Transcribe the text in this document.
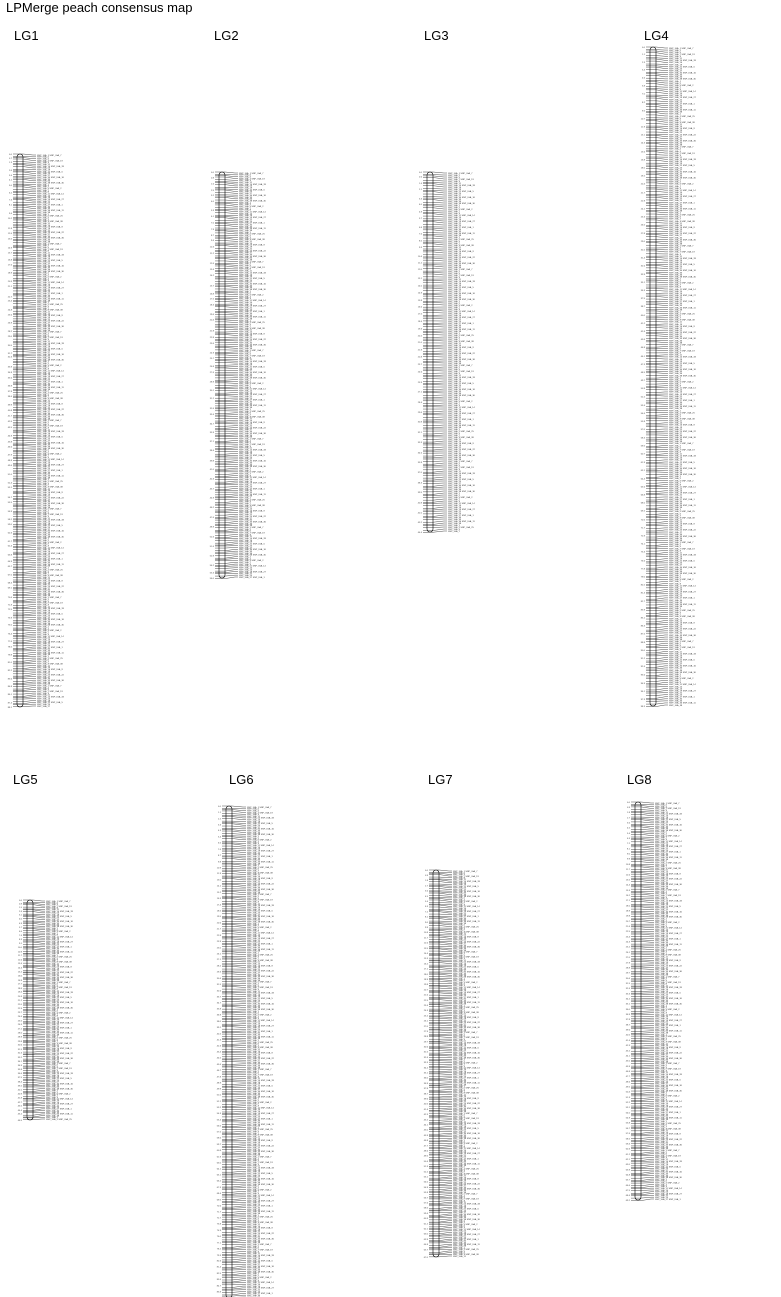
LPMerge peach consensus map
LG1
SNP_IGA_1 SNP_IGA_7
SNP_IGA_2
SNP_IGA_5
SNP_IGA_7 SNP_IGA_19
SNP_IGA_9
SNP_IGA_11
SNP_IGA_14 SNP_IGA_33
SNP_IGA_16
SNP_IGA_19
SNP_IGA_22 SNP_IGA_5
SNP_IGA_25
SNP_IGA_27
SNP_IGA_30 SNP_IGA_16
SNP_IGA_33
SNP_IGA_36
SNP_IGA_38 SNP_IGA_30
SNP_IGA_1
SNP_IGA_2
SNP_IGA_5 SNP_IGA_2
SNP_IGA_7
SNP_IGA_9
SNP_IGA_11 SNP_IGA_14
SNP_IGA_14
SNP_IGA_16
SNP_IGA_19 SNP_IGA_27
SNP_IGA_22
SNP_IGA_25
SNP_IGA_27 SNP_IGA_1
SNP_IGA_30
SNP_IGA_33
SNP_IGA_36 SNP_IGA_11
SNP_IGA_38
SNP_IGA_1
SNP_IGA_2 SNP_IGA_25
SNP_IGA_5
SNP_IGA_7
SNP_IGA_9 SNP_IGA_38
SNP_IGA_11
SNP_IGA_14
SNP_IGA_16 SNP_IGA_9
SNP_IGA_19
SNP_IGA_22
SNP_IGA_25 SNP_IGA_22
SNP_IGA_27
SNP_IGA_30
SNP_IGA_33 SNP_IGA_36
SNP_IGA_36
SNP_IGA_38
SNP_IGA_1 SNP_IGA_7
SNP_IGA_2
SNP_IGA_5
SNP_IGA_7 SNP_IGA_19
SNP_IGA_9
SNP_IGA_11
SNP_IGA_14 SNP_IGA_33
SNP_IGA_16
SNP_IGA_19
SNP_IGA_22 SNP_IGA_5
SNP_IGA_25
SNP_IGA_27
SNP_IGA_30 SNP_IGA_16
SNP_IGA_33
SNP_IGA_36
SNP_IGA_38 SNP_IGA_30
SNP_IGA_1
SNP_IGA_2
SNP_IGA_5 SNP_IGA_2
SNP_IGA_7
SNP_IGA_9
SNP_IGA_11 SNP_IGA_14
SNP_IGA_14
SNP_IGA_16
SNP_IGA_19 SNP_IGA_27
SNP_IGA_22
SNP_IGA_25
SNP_IGA_27 SNP_IGA_1
SNP_IGA_30
SNP_IGA_33
SNP_IGA_36 SNP_IGA_11
SNP_IGA_38
SNP_IGA_1
SNP_IGA_2 SNP_IGA_25
SNP_IGA_5
SNP_IGA_7
SNP_IGA_9 SNP_IGA_38
SNP_IGA_11
SNP_IGA_14
SNP_IGA_16 SNP_IGA_9
SNP_IGA_19
SNP_IGA_22
SNP_IGA_25 SNP_IGA_22
SNP_IGA_27
SNP_IGA_30
SNP_IGA_33 SNP_IGA_36
SNP_IGA_36
SNP_IGA_38
SNP_IGA_1 SNP_IGA_7
SNP_IGA_2
SNP_IGA_5
SNP_IGA_7 SNP_IGA_19
SNP_IGA_9
SNP_IGA_11
SNP_IGA_14 SNP_IGA_33
SNP_IGA_16
SNP_IGA_19
SNP_IGA_22 SNP_IGA_5
SNP_IGA_25
SNP_IGA_27
SNP_IGA_30 SNP_IGA_16
SNP_IGA_33
SNP_IGA_36
SNP_IGA_38 SNP_IGA_30
SNP_IGA_1
SNP_IGA_2
SNP_IGA_5 SNP_IGA_2
SNP_IGA_7
SNP_IGA_9
SNP_IGA_11 SNP_IGA_14
SNP_IGA_14
SNP_IGA_16
SNP_IGA_19 SNP_IGA_27
SNP_IGA_22
SNP_IGA_25
SNP_IGA_27 SNP_IGA_1
SNP_IGA_30
SNP_IGA_33
SNP_IGA_36 SNP_IGA_11
SNP_IGA_38
SNP_IGA_1
SNP_IGA_2 SNP_IGA_25
SNP_IGA_5
SNP_IGA_7
SNP_IGA_9 SNP_IGA_38
SNP_IGA_11
SNP_IGA_14
SNP_IGA_16 SNP_IGA_9
SNP_IGA_19
SNP_IGA_22
SNP_IGA_25 SNP_IGA_22
SNP_IGA_27
SNP_IGA_30
SNP_IGA_33 SNP_IGA_36
SNP_IGA_36
SNP_IGA_38
SNP_IGA_1 SNP_IGA_7
SNP_IGA_2
SNP_IGA_5
SNP_IGA_7 SNP_IGA_19
SNP_IGA_9
SNP_IGA_11
SNP_IGA_14 SNP_IGA_33
SNP_IGA_16
SNP_IGA_19
SNP_IGA_22 SNP_IGA_5
SNP_IGA_25
SNP_IGA_27
SNP_IGA_30 SNP_IGA_16
SNP_IGA_33
SNP_IGA_36
SNP_IGA_38 SNP_IGA_30
SNP_IGA_1
SNP_IGA_2
SNP_IGA_5 SNP_IGA_2
SNP_IGA_7
SNP_IGA_9
SNP_IGA_11 SNP_IGA_14
SNP_IGA_14
SNP_IGA_16
SNP_IGA_19 SNP_IGA_27
SNP_IGA_22
SNP_IGA_25
SNP_IGA_27 SNP_IGA_1
SNP_IGA_30
SNP_IGA_33
SNP_IGA_36 SNP_IGA_11
SNP_IGA_38
SNP_IGA_1
SNP_IGA_2 SNP_IGA_25
SNP_IGA_5
SNP_IGA_7
SNP_IGA_9 SNP_IGA_38
SNP_IGA_11
SNP_IGA_14
SNP_IGA_16 SNP_IGA_9
SNP_IGA_19
SNP_IGA_22
SNP_IGA_25 SNP_IGA_22
SNP_IGA_27
SNP_IGA_30
SNP_IGA_33 SNP_IGA_36
SNP_IGA_36
SNP_IGA_38
SNP_IGA_1 SNP_IGA_7
SNP_IGA_2
SNP_IGA_5
SNP_IGA_7 SNP_IGA_19
SNP_IGA_9
SNP_IGA_11
SNP_IGA_14 SNP_IGA_33
SNP_IGA_16
SNP_IGA_19
SNP_IGA_22 SNP_IGA_5
SNP_IGA_25
SNP_IGA_27
SNP_IGA_30 SNP_IGA_16
SNP_IGA_33
SNP_IGA_36
SNP_IGA_38 SNP_IGA_30
SNP_IGA_1
SNP_IGA_2
SNP_IGA_5 SNP_IGA_2
SNP_IGA_7
SNP_IGA_9
SNP_IGA_11 SNP_IGA_14
SNP_IGA_14
SNP_IGA_16
SNP_IGA_19 SNP_IGA_27
SNP_IGA_22
SNP_IGA_25
SNP_IGA_27 SNP_IGA_1
SNP_IGA_30
SNP_IGA_33
SNP_IGA_36 SNP_IGA_11
SNP_IGA_38
SNP_IGA_1
SNP_IGA_2 SNP_IGA_25
SNP_IGA_5
SNP_IGA_7
SNP_IGA_9 SNP_IGA_38
SNP_IGA_11
SNP_IGA_14
SNP_IGA_16 SNP_IGA_9
SNP_IGA_19
SNP_IGA_22
SNP_IGA_25 SNP_IGA_22
SNP_IGA_27
SNP_IGA_30
SNP_IGA_33 SNP_IGA_36
SNP_IGA_36
SNP_IGA_38
SNP_IGA_1 SNP_IGA_7
SNP_IGA_2
SNP_IGA_5
SNP_IGA_7 SNP_IGA_19
SNP_IGA_9
SNP_IGA_11
SNP_IGA_14 SNP_IGA_33
SNP_IGA_16
SNP_IGA_19
SNP_IGA_22 SNP_IGA_5
SNP_IGA_25
SNP_IGA_27
SNP_IGA_30 SNP_IGA_16
SNP_IGA_33
SNP_IGA_36
SNP_IGA_38 SNP_IGA_30
SNP_IGA_1
SNP_IGA_2
SNP_IGA_5 SNP_IGA_2
SNP_IGA_7
SNP_IGA_9
SNP_IGA_11 SNP_IGA_14
SNP_IGA_14
SNP_IGA_16
SNP_IGA_19 SNP_IGA_27
SNP_IGA_22
SNP_IGA_25
SNP_IGA_27 SNP_IGA_1
SNP_IGA_30
SNP_IGA_33
SNP_IGA_36 SNP_IGA_11
SNP_IGA_38
SNP_IGA_1
SNP_IGA_2 SNP_IGA_25
SNP_IGA_5
SNP_IGA_7
SNP_IGA_9 SNP_IGA_38
SNP_IGA_11
SNP_IGA_14
SNP_IGA_16 SNP_IGA_9
SNP_IGA_19
SNP_IGA_22
SNP_IGA_25 SNP_IGA_22
SNP_IGA_27
SNP_IGA_30
SNP_IGA_33 SNP_IGA_36
SNP_IGA_36
SNP_IGA_38
SNP_IGA_1 SNP_IGA_7
SNP_IGA_2
SNP_IGA_5
SNP_IGA_7 SNP_IGA_19
SNP_IGA_9
SNP_IGA_11
SNP_IGA_14 SNP_IGA_33
SNP_IGA_16
SNP_IGA_19
SNP_IGA_22 SNP_IGA_5
SNP_IGA_25
SNP_IGA_27
0.0
0.7
1.3
2.6
3.4
4.1
5.0
6.2
7.3
8.1
9.4
10.2
11.8
12.6
13.5
14.9
15.7
16.8
17.6
18.9
20.3
21.1
22.7
23.4
24.8
25.6
26.9
28.2
29.0
30.5
31.7
32.3
33.9
34.8
35.6
36.9
37.8
38.6
39.9
40.8
41.7
42.6
43.5
44.9
45.8
46.6
47.9
48.8
49.6
51.0
52.4
53.1
54.7
55.5
56.9
58.2
59.0
60.3
61.7
62.4
63.8
64.9
65.7
67.0
68.3
69.1
70.6
71.8
72.5
73.9
75.0
76.4
77.6
78.5
79.8
81.0
82.2
83.6
84.8
86.1
87.4
88.1
LG2
SNP_IGA_1 SNP_IGA_7
SNP_IGA_2
SNP_IGA_5
SNP_IGA_7 SNP_IGA_19
SNP_IGA_9
SNP_IGA_11
SNP_IGA_14 SNP_IGA_33
SNP_IGA_16
SNP_IGA_19
SNP_IGA_22 SNP_IGA_5
SNP_IGA_25
SNP_IGA_27
SNP_IGA_30 SNP_IGA_16
SNP_IGA_33
SNP_IGA_36
SNP_IGA_38 SNP_IGA_30
SNP_IGA_1
SNP_IGA_2
SNP_IGA_5 SNP_IGA_2
SNP_IGA_7
SNP_IGA_9
SNP_IGA_11 SNP_IGA_14
SNP_IGA_14
SNP_IGA_16
SNP_IGA_19 SNP_IGA_27
SNP_IGA_22
SNP_IGA_25
SNP_IGA_27 SNP_IGA_1
SNP_IGA_30
SNP_IGA_33
SNP_IGA_36 SNP_IGA_11
SNP_IGA_38
SNP_IGA_1
SNP_IGA_2 SNP_IGA_25
SNP_IGA_5
SNP_IGA_7
SNP_IGA_9 SNP_IGA_38
SNP_IGA_11
SNP_IGA_14
SNP_IGA_16 SNP_IGA_9
SNP_IGA_19
SNP_IGA_22
SNP_IGA_25 SNP_IGA_22
SNP_IGA_27
SNP_IGA_30
SNP_IGA_33 SNP_IGA_36
SNP_IGA_36
SNP_IGA_38
SNP_IGA_1 SNP_IGA_7
SNP_IGA_2
SNP_IGA_5
SNP_IGA_7 SNP_IGA_19
SNP_IGA_9
SNP_IGA_11
SNP_IGA_14 SNP_IGA_33
SNP_IGA_16
SNP_IGA_19
SNP_IGA_22 SNP_IGA_5
SNP_IGA_25
SNP_IGA_27
SNP_IGA_30 SNP_IGA_16
SNP_IGA_33
SNP_IGA_36
SNP_IGA_38 SNP_IGA_30
SNP_IGA_1
SNP_IGA_2
SNP_IGA_5 SNP_IGA_2
SNP_IGA_7
SNP_IGA_9
SNP_IGA_11 SNP_IGA_14
SNP_IGA_14
SNP_IGA_16
SNP_IGA_19 SNP_IGA_27
SNP_IGA_22
SNP_IGA_25
SNP_IGA_27 SNP_IGA_1
SNP_IGA_30
SNP_IGA_33
SNP_IGA_36 SNP_IGA_11
SNP_IGA_38
SNP_IGA_1
SNP_IGA_2 SNP_IGA_25
SNP_IGA_5
SNP_IGA_7
SNP_IGA_9 SNP_IGA_38
SNP_IGA_11
SNP_IGA_14
SNP_IGA_16 SNP_IGA_9
SNP_IGA_19
SNP_IGA_22
SNP_IGA_25 SNP_IGA_22
SNP_IGA_27
SNP_IGA_30
SNP_IGA_33 SNP_IGA_36
SNP_IGA_36
SNP_IGA_38
SNP_IGA_1 SNP_IGA_7
SNP_IGA_2
SNP_IGA_5
SNP_IGA_7 SNP_IGA_19
SNP_IGA_9
SNP_IGA_11
SNP_IGA_14 SNP_IGA_33
SNP_IGA_16
SNP_IGA_19
SNP_IGA_22 SNP_IGA_5
SNP_IGA_25
SNP_IGA_27
SNP_IGA_30 SNP_IGA_16
SNP_IGA_33
SNP_IGA_36
SNP_IGA_38 SNP_IGA_30
SNP_IGA_1
SNP_IGA_2
SNP_IGA_5 SNP_IGA_2
SNP_IGA_7
SNP_IGA_9
SNP_IGA_11 SNP_IGA_14
SNP_IGA_14
SNP_IGA_16
SNP_IGA_19 SNP_IGA_27
SNP_IGA_22
SNP_IGA_25
SNP_IGA_27 SNP_IGA_1
SNP_IGA_30
SNP_IGA_33
SNP_IGA_36 SNP_IGA_11
SNP_IGA_38
SNP_IGA_1
SNP_IGA_2 SNP_IGA_25
SNP_IGA_5
SNP_IGA_7
SNP_IGA_9 SNP_IGA_38
SNP_IGA_11
SNP_IGA_14
SNP_IGA_16 SNP_IGA_9
SNP_IGA_19
SNP_IGA_22
SNP_IGA_25 SNP_IGA_22
SNP_IGA_27
SNP_IGA_30
SNP_IGA_33 SNP_IGA_36
SNP_IGA_36
SNP_IGA_38
SNP_IGA_1 SNP_IGA_7
SNP_IGA_2
SNP_IGA_5
SNP_IGA_7 SNP_IGA_19
SNP_IGA_9
SNP_IGA_11
SNP_IGA_14 SNP_IGA_33
SNP_IGA_16
SNP_IGA_19
SNP_IGA_22 SNP_IGA_5
SNP_IGA_25
SNP_IGA_27
SNP_IGA_30 SNP_IGA_16
SNP_IGA_33
SNP_IGA_36
SNP_IGA_38 SNP_IGA_30
SNP_IGA_1
SNP_IGA_2
SNP_IGA_5 SNP_IGA_2
SNP_IGA_7
SNP_IGA_9
SNP_IGA_11 SNP_IGA_14
SNP_IGA_14
SNP_IGA_16
SNP_IGA_19 SNP_IGA_27
SNP_IGA_22
SNP_IGA_25
SNP_IGA_27 SNP_IGA_1
SNP_IGA_30
SNP_IGA_33
SNP_IGA_36 SNP_IGA_11
SNP_IGA_38
SNP_IGA_1
SNP_IGA_2 SNP_IGA_25
SNP_IGA_5
SNP_IGA_7
SNP_IGA_9 SNP_IGA_38
SNP_IGA_11
SNP_IGA_14
SNP_IGA_16 SNP_IGA_9
SNP_IGA_19
SNP_IGA_22
SNP_IGA_25 SNP_IGA_22
SNP_IGA_27
SNP_IGA_30
SNP_IGA_33 SNP_IGA_36
SNP_IGA_36
SNP_IGA_38
SNP_IGA_1 SNP_IGA_7
SNP_IGA_2
SNP_IGA_5
SNP_IGA_7 SNP_IGA_19
SNP_IGA_9
SNP_IGA_11
SNP_IGA_14 SNP_IGA_33
SNP_IGA_16
SNP_IGA_19
SNP_IGA_22 SNP_IGA_5
SNP_IGA_25
SNP_IGA_27
SNP_IGA_30 SNP_IGA_16
SNP_IGA_33
SNP_IGA_36
SNP_IGA_38 SNP_IGA_30
SNP_IGA_1
SNP_IGA_2
SNP_IGA_5 SNP_IGA_2
SNP_IGA_7
SNP_IGA_9
SNP_IGA_11 SNP_IGA_14
SNP_IGA_14
SNP_IGA_16
SNP_IGA_19 SNP_IGA_27
SNP_IGA_22
SNP_IGA_25
SNP_IGA_27 SNP_IGA_1
0.0
0.8
1.6
2.5
3.2
4.0
5.3
6.1
7.0
7.9
8.7
9.4
10.3
11.2
12.6
13.4
14.2
15.7
16.8
17.5
18.3
19.6
20.4
21.9
22.8
23.6
24.9
25.7
26.8
27.6
28.9
30.1
31.2
32.6
33.4
34.7
35.9
37.1
38.4
39.8
41.0
42.3
43.7
44.9
46.2
47.6
48.9
50.3
51.6
52.9
54.2
55.3
56.0
LG3
SNP_IGA_1 SNP_IGA_7
SNP_IGA_2
SNP_IGA_5
SNP_IGA_7 SNP_IGA_19
SNP_IGA_9
SNP_IGA_11
SNP_IGA_14 SNP_IGA_33
SNP_IGA_16
SNP_IGA_19
SNP_IGA_22 SNP_IGA_5
SNP_IGA_25
SNP_IGA_27
SNP_IGA_30 SNP_IGA_16
SNP_IGA_33
SNP_IGA_36
SNP_IGA_38 SNP_IGA_30
SNP_IGA_1
SNP_IGA_2
SNP_IGA_5 SNP_IGA_2
SNP_IGA_7
SNP_IGA_9
SNP_IGA_11 SNP_IGA_14
SNP_IGA_14
SNP_IGA_16
SNP_IGA_19 SNP_IGA_27
SNP_IGA_22
SNP_IGA_25
SNP_IGA_27 SNP_IGA_1
SNP_IGA_30
SNP_IGA_33
SNP_IGA_36 SNP_IGA_11
SNP_IGA_38
SNP_IGA_1
SNP_IGA_2 SNP_IGA_25
SNP_IGA_5
SNP_IGA_7
SNP_IGA_9 SNP_IGA_38
SNP_IGA_11
SNP_IGA_14
SNP_IGA_16 SNP_IGA_9
SNP_IGA_19
SNP_IGA_22
SNP_IGA_25 SNP_IGA_22
SNP_IGA_27
SNP_IGA_30
SNP_IGA_33 SNP_IGA_36
SNP_IGA_36
SNP_IGA_38
SNP_IGA_1 SNP_IGA_7
SNP_IGA_2
SNP_IGA_5
SNP_IGA_7 SNP_IGA_19
SNP_IGA_9
SNP_IGA_11
SNP_IGA_14 SNP_IGA_33
SNP_IGA_16
SNP_IGA_19
SNP_IGA_22 SNP_IGA_5
SNP_IGA_25
SNP_IGA_27
SNP_IGA_30 SNP_IGA_16
SNP_IGA_33
SNP_IGA_36
SNP_IGA_38 SNP_IGA_30
SNP_IGA_1
SNP_IGA_2
SNP_IGA_5 SNP_IGA_2
SNP_IGA_7
SNP_IGA_9
SNP_IGA_11 SNP_IGA_14
SNP_IGA_14
SNP_IGA_16
SNP_IGA_19 SNP_IGA_27
SNP_IGA_22
SNP_IGA_25
SNP_IGA_27 SNP_IGA_1
SNP_IGA_30
SNP_IGA_33
SNP_IGA_36 SNP_IGA_11
SNP_IGA_38
SNP_IGA_1
SNP_IGA_2 SNP_IGA_25
SNP_IGA_5
SNP_IGA_7
SNP_IGA_9 SNP_IGA_38
SNP_IGA_11
SNP_IGA_14
SNP_IGA_16 SNP_IGA_9
SNP_IGA_19
SNP_IGA_22
SNP_IGA_25 SNP_IGA_22
SNP_IGA_27
SNP_IGA_30
SNP_IGA_33 SNP_IGA_36
SNP_IGA_36
SNP_IGA_38
SNP_IGA_1 SNP_IGA_7
SNP_IGA_2
SNP_IGA_5
SNP_IGA_7 SNP_IGA_19
SNP_IGA_9
SNP_IGA_11
SNP_IGA_14 SNP_IGA_33
SNP_IGA_16
SNP_IGA_19
SNP_IGA_22 SNP_IGA_5
SNP_IGA_25
SNP_IGA_27
SNP_IGA_30 SNP_IGA_16
SNP_IGA_33
SNP_IGA_36
SNP_IGA_38 SNP_IGA_30
SNP_IGA_1
SNP_IGA_2
SNP_IGA_5 SNP_IGA_2
SNP_IGA_7
SNP_IGA_9
SNP_IGA_11 SNP_IGA_14
SNP_IGA_14
SNP_IGA_16
SNP_IGA_19 SNP_IGA_27
SNP_IGA_22
SNP_IGA_25
SNP_IGA_27 SNP_IGA_1
SNP_IGA_30
SNP_IGA_33
SNP_IGA_36 SNP_IGA_11
SNP_IGA_38
SNP_IGA_1
SNP_IGA_2 SNP_IGA_25
SNP_IGA_5
SNP_IGA_7
SNP_IGA_9 SNP_IGA_38
SNP_IGA_11
SNP_IGA_14
SNP_IGA_16 SNP_IGA_9
SNP_IGA_19
SNP_IGA_22
SNP_IGA_25 SNP_IGA_22
SNP_IGA_27
SNP_IGA_30
SNP_IGA_33 SNP_IGA_36
SNP_IGA_36
SNP_IGA_38
SNP_IGA_1 SNP_IGA_7
SNP_IGA_2
SNP_IGA_5
SNP_IGA_7 SNP_IGA_19
SNP_IGA_9
SNP_IGA_11
SNP_IGA_14 SNP_IGA_33
SNP_IGA_16
SNP_IGA_19
SNP_IGA_22 SNP_IGA_5
SNP_IGA_25
SNP_IGA_27
SNP_IGA_30 SNP_IGA_16
SNP_IGA_33
SNP_IGA_36
SNP_IGA_38 SNP_IGA_30
SNP_IGA_1
SNP_IGA_2
SNP_IGA_5 SNP_IGA_2
SNP_IGA_7
SNP_IGA_9
SNP_IGA_11 SNP_IGA_14
SNP_IGA_14
SNP_IGA_16
SNP_IGA_19 SNP_IGA_27
SNP_IGA_22
SNP_IGA_25
SNP_IGA_27 SNP_IGA_1
SNP_IGA_30
SNP_IGA_33
SNP_IGA_36 SNP_IGA_11
SNP_IGA_38
SNP_IGA_1
SNP_IGA_2 SNP_IGA_25
SNP_IGA_5
SNP_IGA_7
0.0
0.6
1.4
2.1
3.3
4.0
4.9
5.7
6.8
7.6
8.5
9.3
10.4
11.2
12.0
13.1
14.0
14.9
15.8
16.6
17.5
18.4
19.3
20.2
21.0
21.9
22.8
23.7
24.6
25.9
27.1
28.4
29.6
30.8
32.1
33.3
34.6
35.8
37.0
38.3
39.5
40.8
42.0
43.2
44.4
LG4
SNP_IGA_1 SNP_IGA_7
SNP_IGA_2
SNP_IGA_5
SNP_IGA_7 SNP_IGA_19
SNP_IGA_9
SNP_IGA_11
SNP_IGA_14 SNP_IGA_33
SNP_IGA_16
SNP_IGA_19
SNP_IGA_22 SNP_IGA_5
SNP_IGA_25
SNP_IGA_27
SNP_IGA_30 SNP_IGA_16
SNP_IGA_33
SNP_IGA_36
SNP_IGA_38 SNP_IGA_30
SNP_IGA_1
SNP_IGA_2
SNP_IGA_5 SNP_IGA_2
SNP_IGA_7
SNP_IGA_9
SNP_IGA_11 SNP_IGA_14
SNP_IGA_14
SNP_IGA_16
SNP_IGA_19 SNP_IGA_27
SNP_IGA_22
SNP_IGA_25
SNP_IGA_27 SNP_IGA_1
SNP_IGA_30
SNP_IGA_33
SNP_IGA_36 SNP_IGA_11
SNP_IGA_38
SNP_IGA_1
SNP_IGA_2 SNP_IGA_25
SNP_IGA_5
SNP_IGA_7
SNP_IGA_9 SNP_IGA_38
SNP_IGA_11
SNP_IGA_14
SNP_IGA_16 SNP_IGA_9
SNP_IGA_19
SNP_IGA_22
SNP_IGA_25 SNP_IGA_22
SNP_IGA_27
SNP_IGA_30
SNP_IGA_33 SNP_IGA_36
SNP_IGA_36
SNP_IGA_38
SNP_IGA_1 SNP_IGA_7
SNP_IGA_2
SNP_IGA_5
SNP_IGA_7 SNP_IGA_19
SNP_IGA_9
SNP_IGA_11
SNP_IGA_14 SNP_IGA_33
SNP_IGA_16
SNP_IGA_19
SNP_IGA_22 SNP_IGA_5
SNP_IGA_25
SNP_IGA_27
SNP_IGA_30 SNP_IGA_16
SNP_IGA_33
SNP_IGA_36
SNP_IGA_38 SNP_IGA_30
SNP_IGA_1
SNP_IGA_2
SNP_IGA_5 SNP_IGA_2
SNP_IGA_7
SNP_IGA_9
SNP_IGA_11 SNP_IGA_14
SNP_IGA_14
SNP_IGA_16
SNP_IGA_19 SNP_IGA_27
SNP_IGA_22
SNP_IGA_25
SNP_IGA_27 SNP_IGA_1
SNP_IGA_30
SNP_IGA_33
SNP_IGA_36 SNP_IGA_11
SNP_IGA_38
SNP_IGA_1
SNP_IGA_2 SNP_IGA_25
SNP_IGA_5
SNP_IGA_7
SNP_IGA_9 SNP_IGA_38
SNP_IGA_11
SNP_IGA_14
SNP_IGA_16 SNP_IGA_9
SNP_IGA_19
SNP_IGA_22
SNP_IGA_25 SNP_IGA_22
SNP_IGA_27
SNP_IGA_30
SNP_IGA_33 SNP_IGA_36
SNP_IGA_36
SNP_IGA_38
SNP_IGA_1 SNP_IGA_7
SNP_IGA_2
SNP_IGA_5
SNP_IGA_7 SNP_IGA_19
SNP_IGA_9
SNP_IGA_11
SNP_IGA_14 SNP_IGA_33
SNP_IGA_16
SNP_IGA_19
SNP_IGA_22 SNP_IGA_5
SNP_IGA_25
SNP_IGA_27
SNP_IGA_30 SNP_IGA_16
SNP_IGA_33
SNP_IGA_36
SNP_IGA_38 SNP_IGA_30
SNP_IGA_1
SNP_IGA_2
SNP_IGA_5 SNP_IGA_2
SNP_IGA_7
SNP_IGA_9
SNP_IGA_11 SNP_IGA_14
SNP_IGA_14
SNP_IGA_16
SNP_IGA_19 SNP_IGA_27
SNP_IGA_22
SNP_IGA_25
SNP_IGA_27 SNP_IGA_1
SNP_IGA_30
SNP_IGA_33
SNP_IGA_36 SNP_IGA_11
SNP_IGA_38
SNP_IGA_1
SNP_IGA_2 SNP_IGA_25
SNP_IGA_5
SNP_IGA_7
SNP_IGA_9 SNP_IGA_38
SNP_IGA_11
SNP_IGA_14
SNP_IGA_16 SNP_IGA_9
SNP_IGA_19
SNP_IGA_22
SNP_IGA_25 SNP_IGA_22
SNP_IGA_27
SNP_IGA_30
SNP_IGA_33 SNP_IGA_36
SNP_IGA_36
SNP_IGA_38
SNP_IGA_1 SNP_IGA_7
SNP_IGA_2
SNP_IGA_5
SNP_IGA_7 SNP_IGA_19
SNP_IGA_9
SNP_IGA_11
SNP_IGA_14 SNP_IGA_33
SNP_IGA_16
SNP_IGA_19
SNP_IGA_22 SNP_IGA_5
SNP_IGA_25
SNP_IGA_27
SNP_IGA_30 SNP_IGA_16
SNP_IGA_33
SNP_IGA_36
SNP_IGA_38 SNP_IGA_30
SNP_IGA_1
SNP_IGA_2
SNP_IGA_5 SNP_IGA_2
SNP_IGA_7
SNP_IGA_9
SNP_IGA_11 SNP_IGA_14
SNP_IGA_14
SNP_IGA_16
SNP_IGA_19 SNP_IGA_27
SNP_IGA_22
SNP_IGA_25
SNP_IGA_27 SNP_IGA_1
SNP_IGA_30
SNP_IGA_33
SNP_IGA_36 SNP_IGA_11
SNP_IGA_38
SNP_IGA_1
SNP_IGA_2 SNP_IGA_25
SNP_IGA_5
SNP_IGA_7
SNP_IGA_9 SNP_IGA_38
SNP_IGA_11
SNP_IGA_14
SNP_IGA_16 SNP_IGA_9
SNP_IGA_19
SNP_IGA_22
SNP_IGA_25 SNP_IGA_22
SNP_IGA_27
SNP_IGA_30
SNP_IGA_33 SNP_IGA_36
SNP_IGA_36
SNP_IGA_38
SNP_IGA_1 SNP_IGA_7
SNP_IGA_2
SNP_IGA_5
SNP_IGA_7 SNP_IGA_19
SNP_IGA_9
SNP_IGA_11
SNP_IGA_14 SNP_IGA_33
SNP_IGA_16
SNP_IGA_19
SNP_IGA_22 SNP_IGA_5
SNP_IGA_25
SNP_IGA_27
SNP_IGA_30 SNP_IGA_16
SNP_IGA_33
SNP_IGA_36
SNP_IGA_38 SNP_IGA_30
SNP_IGA_1
SNP_IGA_2
SNP_IGA_5 SNP_IGA_2
SNP_IGA_7
SNP_IGA_9
SNP_IGA_11 SNP_IGA_14
SNP_IGA_14
SNP_IGA_16
SNP_IGA_19 SNP_IGA_27
SNP_IGA_22
SNP_IGA_25
SNP_IGA_27 SNP_IGA_1
SNP_IGA_30
SNP_IGA_33
SNP_IGA_36 SNP_IGA_11
SNP_IGA_38
SNP_IGA_1
SNP_IGA_2 SNP_IGA_25
SNP_IGA_5
SNP_IGA_7
SNP_IGA_9 SNP_IGA_38
SNP_IGA_11
SNP_IGA_14
SNP_IGA_16 SNP_IGA_9
SNP_IGA_19
SNP_IGA_22
SNP_IGA_25 SNP_IGA_22
SNP_IGA_27
SNP_IGA_30
SNP_IGA_33 SNP_IGA_36
SNP_IGA_36
SNP_IGA_38
SNP_IGA_1 SNP_IGA_7
SNP_IGA_2
SNP_IGA_5
SNP_IGA_7 SNP_IGA_19
SNP_IGA_9
SNP_IGA_11
SNP_IGA_14 SNP_IGA_33
SNP_IGA_16
SNP_IGA_19
SNP_IGA_22 SNP_IGA_5
SNP_IGA_25
SNP_IGA_27
SNP_IGA_30 SNP_IGA_16
SNP_IGA_33
SNP_IGA_36
SNP_IGA_38 SNP_IGA_30
SNP_IGA_1
SNP_IGA_2
SNP_IGA_5 SNP_IGA_2
SNP_IGA_7
SNP_IGA_9
SNP_IGA_11 SNP_IGA_14
SNP_IGA_14
SNP_IGA_16
SNP_IGA_19 SNP_IGA_27
SNP_IGA_22
SNP_IGA_25
SNP_IGA_27 SNP_IGA_1
SNP_IGA_30
SNP_IGA_33
SNP_IGA_36 SNP_IGA_11
SNP_IGA_38
SNP_IGA_1
SNP_IGA_2 SNP_IGA_25
SNP_IGA_5
SNP_IGA_7
SNP_IGA_9 SNP_IGA_38
SNP_IGA_11
SNP_IGA_14
SNP_IGA_16 SNP_IGA_9
SNP_IGA_19
SNP_IGA_22
SNP_IGA_25 SNP_IGA_22
SNP_IGA_27
SNP_IGA_30
SNP_IGA_33 SNP_IGA_36
SNP_IGA_36
SNP_IGA_38
SNP_IGA_1 SNP_IGA_7
SNP_IGA_2
SNP_IGA_5
SNP_IGA_7 SNP_IGA_19
SNP_IGA_9
SNP_IGA_11
SNP_IGA_14 SNP_IGA_33
SNP_IGA_16
SNP_IGA_19
SNP_IGA_22 SNP_IGA_5
SNP_IGA_25
SNP_IGA_27
SNP_IGA_30 SNP_IGA_16
SNP_IGA_33
SNP_IGA_36
SNP_IGA_38 SNP_IGA_30
SNP_IGA_1
SNP_IGA_2
SNP_IGA_5 SNP_IGA_2
SNP_IGA_7
SNP_IGA_9
SNP_IGA_11 SNP_IGA_14
SNP_IGA_14
SNP_IGA_16
SNP_IGA_19 SNP_IGA_27
SNP_IGA_22
SNP_IGA_25
SNP_IGA_27 SNP_IGA_1
SNP_IGA_30
SNP_IGA_33
SNP_IGA_36 SNP_IGA_11
SNP_IGA_38
0.0
1.1
2.3
3.4
4.6
5.8
7.0
8.2
9.5
10.7
11.9
13.1
14.3
15.6
16.8
18.0
19.2
20.4
21.7
22.9
24.1
25.3
26.5
27.8
29.0
30.2
31.4
32.6
33.9
35.1
36.3
37.5
38.7
40.0
41.2
42.4
43.6
44.8
46.1
47.3
48.5
49.7
50.9
52.2
53.4
54.6
55.8
57.0
58.3
59.5
60.7
61.9
63.1
64.4
65.6
66.8
68.0
69.2
70.5
71.7
72.9
74.1
75.3
76.6
77.8
79.0
80.2
81.4
82.7
83.9
85.1
86.3
87.5
88.8
90.0
91.2
92.4
93.6
94.9
96.1
97.3
98.3
LG5
SNP_IGA_1 SNP_IGA_7
SNP_IGA_2
SNP_IGA_5
SNP_IGA_7 SNP_IGA_19
SNP_IGA_9
SNP_IGA_11
SNP_IGA_14 SNP_IGA_33
SNP_IGA_16
SNP_IGA_19
SNP_IGA_22 SNP_IGA_5
SNP_IGA_25
SNP_IGA_27
SNP_IGA_30 SNP_IGA_16
SNP_IGA_33
SNP_IGA_36
SNP_IGA_38 SNP_IGA_30
SNP_IGA_1
SNP_IGA_2
SNP_IGA_5 SNP_IGA_2
SNP_IGA_7
SNP_IGA_9
SNP_IGA_11 SNP_IGA_14
SNP_IGA_14
SNP_IGA_16
SNP_IGA_19 SNP_IGA_27
SNP_IGA_22
SNP_IGA_25
SNP_IGA_27 SNP_IGA_1
SNP_IGA_30
SNP_IGA_33
SNP_IGA_36 SNP_IGA_11
SNP_IGA_38
SNP_IGA_1
SNP_IGA_2 SNP_IGA_25
SNP_IGA_5
SNP_IGA_7
SNP_IGA_9 SNP_IGA_38
SNP_IGA_11
SNP_IGA_14
SNP_IGA_16 SNP_IGA_9
SNP_IGA_19
SNP_IGA_22
SNP_IGA_25 SNP_IGA_22
SNP_IGA_27
SNP_IGA_30
SNP_IGA_33 SNP_IGA_36
SNP_IGA_36
SNP_IGA_38
SNP_IGA_1 SNP_IGA_7
SNP_IGA_2
SNP_IGA_5
SNP_IGA_7 SNP_IGA_19
SNP_IGA_9
SNP_IGA_11
SNP_IGA_14 SNP_IGA_33
SNP_IGA_16
SNP_IGA_19
SNP_IGA_22 SNP_IGA_5
SNP_IGA_25
SNP_IGA_27
SNP_IGA_30 SNP_IGA_16
SNP_IGA_33
SNP_IGA_36
SNP_IGA_38 SNP_IGA_30
SNP_IGA_1
SNP_IGA_2
SNP_IGA_5 SNP_IGA_2
SNP_IGA_7
SNP_IGA_9
SNP_IGA_11 SNP_IGA_14
SNP_IGA_14
SNP_IGA_16
SNP_IGA_19 SNP_IGA_27
SNP_IGA_22
SNP_IGA_25
SNP_IGA_27 SNP_IGA_1
SNP_IGA_30
SNP_IGA_33
SNP_IGA_36 SNP_IGA_11
SNP_IGA_38
SNP_IGA_1
SNP_IGA_2 SNP_IGA_25
SNP_IGA_5
SNP_IGA_7
SNP_IGA_9 SNP_IGA_38
SNP_IGA_11
SNP_IGA_14
SNP_IGA_16 SNP_IGA_9
SNP_IGA_19
SNP_IGA_22
SNP_IGA_25 SNP_IGA_22
SNP_IGA_27
SNP_IGA_30
SNP_IGA_33 SNP_IGA_36
SNP_IGA_36
SNP_IGA_38
SNP_IGA_1 SNP_IGA_7
SNP_IGA_2
SNP_IGA_5
SNP_IGA_7 SNP_IGA_19
SNP_IGA_9
SNP_IGA_11
SNP_IGA_14 SNP_IGA_33
SNP_IGA_16
SNP_IGA_19
SNP_IGA_22 SNP_IGA_5
SNP_IGA_25
SNP_IGA_27
SNP_IGA_30 SNP_IGA_16
SNP_IGA_33
SNP_IGA_36
SNP_IGA_38 SNP_IGA_30
SNP_IGA_1
SNP_IGA_2
SNP_IGA_5 SNP_IGA_2
SNP_IGA_7
SNP_IGA_9
SNP_IGA_11 SNP_IGA_14
SNP_IGA_14
SNP_IGA_16
SNP_IGA_19 SNP_IGA_27
SNP_IGA_22
SNP_IGA_25
SNP_IGA_27 SNP_IGA_1
SNP_IGA_30
SNP_IGA_33
SNP_IGA_36 SNP_IGA_11
SNP_IGA_38
SNP_IGA_1
SNP_IGA_2 SNP_IGA_25
0.0
0.8
1.5
2.4
3.1
4.0
4.9
5.7
6.6
7.4
8.3
9.1
10.0
10.9
11.7
12.6
13.4
14.3
15.2
16.0
16.9
17.7
18.6
19.4
20.3
21.2
22.0
22.9
23.7
24.6
25.5
26.3
27.2
28.0
28.9
29.8
30.6
31.5
32.3
33.2
34.1
34.9
35.8
36.6
37.5
38.4
39.2
40.1
40.9
41.8
42.7
43.5
44.4
45.2
46.5
LG6
SNP_IGA_1 SNP_IGA_7
SNP_IGA_2
SNP_IGA_5
SNP_IGA_7 SNP_IGA_19
SNP_IGA_9
SNP_IGA_11
SNP_IGA_14 SNP_IGA_33
SNP_IGA_16
SNP_IGA_19
SNP_IGA_22 SNP_IGA_5
SNP_IGA_25
SNP_IGA_27
SNP_IGA_30 SNP_IGA_16
SNP_IGA_33
SNP_IGA_36
SNP_IGA_38 SNP_IGA_30
SNP_IGA_1
SNP_IGA_2
SNP_IGA_5 SNP_IGA_2
SNP_IGA_7
SNP_IGA_9
SNP_IGA_11 SNP_IGA_14
SNP_IGA_14
SNP_IGA_16
SNP_IGA_19 SNP_IGA_27
SNP_IGA_22
SNP_IGA_25
SNP_IGA_27 SNP_IGA_1
SNP_IGA_30
SNP_IGA_33
SNP_IGA_36 SNP_IGA_11
SNP_IGA_38
SNP_IGA_1
SNP_IGA_2 SNP_IGA_25
SNP_IGA_5
SNP_IGA_7
SNP_IGA_9 SNP_IGA_38
SNP_IGA_11
SNP_IGA_14
SNP_IGA_16 SNP_IGA_9
SNP_IGA_19
SNP_IGA_22
SNP_IGA_25 SNP_IGA_22
SNP_IGA_27
SNP_IGA_30
SNP_IGA_33 SNP_IGA_36
SNP_IGA_36
SNP_IGA_38
SNP_IGA_1 SNP_IGA_7
SNP_IGA_2
SNP_IGA_5
SNP_IGA_7 SNP_IGA_19
SNP_IGA_9
SNP_IGA_11
SNP_IGA_14 SNP_IGA_33
SNP_IGA_16
SNP_IGA_19
SNP_IGA_22 SNP_IGA_5
SNP_IGA_25
SNP_IGA_27
SNP_IGA_30 SNP_IGA_16
SNP_IGA_33
SNP_IGA_36
SNP_IGA_38 SNP_IGA_30
SNP_IGA_1
SNP_IGA_2
SNP_IGA_5 SNP_IGA_2
SNP_IGA_7
SNP_IGA_9
SNP_IGA_11 SNP_IGA_14
SNP_IGA_14
SNP_IGA_16
SNP_IGA_19 SNP_IGA_27
SNP_IGA_22
SNP_IGA_25
SNP_IGA_27 SNP_IGA_1
SNP_IGA_30
SNP_IGA_33
SNP_IGA_36 SNP_IGA_11
SNP_IGA_38
SNP_IGA_1
SNP_IGA_2 SNP_IGA_25
SNP_IGA_5
SNP_IGA_7
SNP_IGA_9 SNP_IGA_38
SNP_IGA_11
SNP_IGA_14
SNP_IGA_16 SNP_IGA_9
SNP_IGA_19
SNP_IGA_22
SNP_IGA_25 SNP_IGA_22
SNP_IGA_27
SNP_IGA_30
SNP_IGA_33 SNP_IGA_36
SNP_IGA_36
SNP_IGA_38
SNP_IGA_1 SNP_IGA_7
SNP_IGA_2
SNP_IGA_5
SNP_IGA_7 SNP_IGA_19
SNP_IGA_9
SNP_IGA_11
SNP_IGA_14 SNP_IGA_33
SNP_IGA_16
SNP_IGA_19
SNP_IGA_22 SNP_IGA_5
SNP_IGA_25
SNP_IGA_27
SNP_IGA_30 SNP_IGA_16
SNP_IGA_33
SNP_IGA_36
SNP_IGA_38 SNP_IGA_30
SNP_IGA_1
SNP_IGA_2
SNP_IGA_5 SNP_IGA_2
SNP_IGA_7
SNP_IGA_9
SNP_IGA_11 SNP_IGA_14
SNP_IGA_14
SNP_IGA_16
SNP_IGA_19 SNP_IGA_27
SNP_IGA_22
SNP_IGA_25
SNP_IGA_27 SNP_IGA_1
SNP_IGA_30
SNP_IGA_33
SNP_IGA_36 SNP_IGA_11
SNP_IGA_38
SNP_IGA_1
SNP_IGA_2 SNP_IGA_25
SNP_IGA_5
SNP_IGA_7
SNP_IGA_9 SNP_IGA_38
SNP_IGA_11
SNP_IGA_14
SNP_IGA_16 SNP_IGA_9
SNP_IGA_19
SNP_IGA_22
SNP_IGA_25 SNP_IGA_22
SNP_IGA_27
SNP_IGA_30
SNP_IGA_33 SNP_IGA_36
SNP_IGA_36
SNP_IGA_38
SNP_IGA_1 SNP_IGA_7
SNP_IGA_2
SNP_IGA_5
SNP_IGA_7 SNP_IGA_19
SNP_IGA_9
SNP_IGA_11
SNP_IGA_14 SNP_IGA_33
SNP_IGA_16
SNP_IGA_19
SNP_IGA_22 SNP_IGA_5
SNP_IGA_25
SNP_IGA_27
SNP_IGA_30 SNP_IGA_16
SNP_IGA_33
SNP_IGA_36
SNP_IGA_38 SNP_IGA_30
SNP_IGA_1
SNP_IGA_2
SNP_IGA_5 SNP_IGA_2
SNP_IGA_7
SNP_IGA_9
SNP_IGA_11 SNP_IGA_14
SNP_IGA_14
SNP_IGA_16
SNP_IGA_19 SNP_IGA_27
SNP_IGA_22
SNP_IGA_25
SNP_IGA_27 SNP_IGA_1
SNP_IGA_30
SNP_IGA_33
SNP_IGA_36 SNP_IGA_11
SNP_IGA_38
SNP_IGA_1
SNP_IGA_2 SNP_IGA_25
SNP_IGA_5
SNP_IGA_7
SNP_IGA_9 SNP_IGA_38
SNP_IGA_11
SNP_IGA_14
SNP_IGA_16 SNP_IGA_9
SNP_IGA_19
SNP_IGA_22
SNP_IGA_25 SNP_IGA_22
SNP_IGA_27
SNP_IGA_30
SNP_IGA_33 SNP_IGA_36
SNP_IGA_36
SNP_IGA_38
SNP_IGA_1 SNP_IGA_7
SNP_IGA_2
SNP_IGA_5
SNP_IGA_7 SNP_IGA_19
SNP_IGA_9
SNP_IGA_11
SNP_IGA_14 SNP_IGA_33
SNP_IGA_16
SNP_IGA_19
SNP_IGA_22 SNP_IGA_5
SNP_IGA_25
SNP_IGA_27
SNP_IGA_30 SNP_IGA_16
SNP_IGA_33
SNP_IGA_36
SNP_IGA_38 SNP_IGA_30
SNP_IGA_1
SNP_IGA_2
SNP_IGA_5 SNP_IGA_2
SNP_IGA_7
SNP_IGA_9
SNP_IGA_11 SNP_IGA_14
SNP_IGA_14
SNP_IGA_16
SNP_IGA_19 SNP_IGA_27
SNP_IGA_22
SNP_IGA_25
SNP_IGA_27 SNP_IGA_1
SNP_IGA_30
SNP_IGA_33
SNP_IGA_36 SNP_IGA_11
SNP_IGA_38
SNP_IGA_1
SNP_IGA_2 SNP_IGA_25
SNP_IGA_5
SNP_IGA_7
SNP_IGA_9 SNP_IGA_38
SNP_IGA_11
SNP_IGA_14
SNP_IGA_16 SNP_IGA_9
SNP_IGA_19
SNP_IGA_22
SNP_IGA_25 SNP_IGA_22
SNP_IGA_27
SNP_IGA_30
SNP_IGA_33 SNP_IGA_36
SNP_IGA_36
SNP_IGA_38
SNP_IGA_1 SNP_IGA_7
SNP_IGA_2
SNP_IGA_5
SNP_IGA_7 SNP_IGA_19
SNP_IGA_9
SNP_IGA_11
SNP_IGA_14 SNP_IGA_33
SNP_IGA_16
SNP_IGA_19
SNP_IGA_22 SNP_IGA_5
SNP_IGA_25
SNP_IGA_27
SNP_IGA_30 SNP_IGA_16
SNP_IGA_33
SNP_IGA_36
SNP_IGA_38 SNP_IGA_30
SNP_IGA_1
SNP_IGA_2
SNP_IGA_5 SNP_IGA_2
SNP_IGA_7
SNP_IGA_9
SNP_IGA_11 SNP_IGA_14
SNP_IGA_14
SNP_IGA_16
SNP_IGA_19 SNP_IGA_27
SNP_IGA_22
SNP_IGA_25
SNP_IGA_27 SNP_IGA_1
SNP_IGA_30
0.0
1.1
2.2
3.3
4.3
5.4
6.5
7.6
8.7
9.8
10.9
11.9
13.0
14.1
15.2
16.3
17.4
18.5
19.5
20.6
21.7
22.8
23.9
25.0
26.1
27.1
28.2
29.3
30.4
31.5
32.6
33.7
34.7
35.8
36.9
38.0
39.1
40.2
41.3
42.3
43.4
44.5
45.6
46.7
47.8
48.9
49.9
51.0
52.1
53.2
54.3
55.4
56.5
57.5
58.6
59.7
60.8
61.9
63.0
64.1
65.1
66.2
67.3
68.4
69.5
70.6
71.7
72.7
73.8
74.9
76.0
77.1
78.2
79.3
80.3
81.4
82.5
83.6
84.7
85.8
LG7
SNP_IGA_1 SNP_IGA_7
SNP_IGA_2
SNP_IGA_5
SNP_IGA_7 SNP_IGA_19
SNP_IGA_9
SNP_IGA_11
SNP_IGA_14 SNP_IGA_33
SNP_IGA_16
SNP_IGA_19
SNP_IGA_22 SNP_IGA_5
SNP_IGA_25
SNP_IGA_27
SNP_IGA_30 SNP_IGA_16
SNP_IGA_33
SNP_IGA_36
SNP_IGA_38 SNP_IGA_30
SNP_IGA_1
SNP_IGA_2
SNP_IGA_5 SNP_IGA_2
SNP_IGA_7
SNP_IGA_9
SNP_IGA_11 SNP_IGA_14
SNP_IGA_14
SNP_IGA_16
SNP_IGA_19 SNP_IGA_27
SNP_IGA_22
SNP_IGA_25
SNP_IGA_27 SNP_IGA_1
SNP_IGA_30
SNP_IGA_33
SNP_IGA_36 SNP_IGA_11
SNP_IGA_38
SNP_IGA_1
SNP_IGA_2 SNP_IGA_25
SNP_IGA_5
SNP_IGA_7
SNP_IGA_9 SNP_IGA_38
SNP_IGA_11
SNP_IGA_14
SNP_IGA_16 SNP_IGA_9
SNP_IGA_19
SNP_IGA_22
SNP_IGA_25 SNP_IGA_22
SNP_IGA_27
SNP_IGA_30
SNP_IGA_33 SNP_IGA_36
SNP_IGA_36
SNP_IGA_38
SNP_IGA_1 SNP_IGA_7
SNP_IGA_2
SNP_IGA_5
SNP_IGA_7 SNP_IGA_19
SNP_IGA_9
SNP_IGA_11
SNP_IGA_14 SNP_IGA_33
SNP_IGA_16
SNP_IGA_19
SNP_IGA_22 SNP_IGA_5
SNP_IGA_25
SNP_IGA_27
SNP_IGA_30 SNP_IGA_16
SNP_IGA_33
SNP_IGA_36
SNP_IGA_38 SNP_IGA_30
SNP_IGA_1
SNP_IGA_2
SNP_IGA_5 SNP_IGA_2
SNP_IGA_7
SNP_IGA_9
SNP_IGA_11 SNP_IGA_14
SNP_IGA_14
SNP_IGA_16
SNP_IGA_19 SNP_IGA_27
SNP_IGA_22
SNP_IGA_25
SNP_IGA_27 SNP_IGA_1
SNP_IGA_30
SNP_IGA_33
SNP_IGA_36 SNP_IGA_11
SNP_IGA_38
SNP_IGA_1
SNP_IGA_2 SNP_IGA_25
SNP_IGA_5
SNP_IGA_7
SNP_IGA_9 SNP_IGA_38
SNP_IGA_11
SNP_IGA_14
SNP_IGA_16 SNP_IGA_9
SNP_IGA_19
SNP_IGA_22
SNP_IGA_25 SNP_IGA_22
SNP_IGA_27
SNP_IGA_30
SNP_IGA_33 SNP_IGA_36
SNP_IGA_36
SNP_IGA_38
SNP_IGA_1 SNP_IGA_7
SNP_IGA_2
SNP_IGA_5
SNP_IGA_7 SNP_IGA_19
SNP_IGA_9
SNP_IGA_11
SNP_IGA_14 SNP_IGA_33
SNP_IGA_16
SNP_IGA_19
SNP_IGA_22 SNP_IGA_5
SNP_IGA_25
SNP_IGA_27
SNP_IGA_30 SNP_IGA_16
SNP_IGA_33
SNP_IGA_36
SNP_IGA_38 SNP_IGA_30
SNP_IGA_1
SNP_IGA_2
SNP_IGA_5 SNP_IGA_2
SNP_IGA_7
SNP_IGA_9
SNP_IGA_11 SNP_IGA_14
SNP_IGA_14
SNP_IGA_16
SNP_IGA_19 SNP_IGA_27
SNP_IGA_22
SNP_IGA_25
SNP_IGA_27 SNP_IGA_1
SNP_IGA_30
SNP_IGA_33
SNP_IGA_36 SNP_IGA_11
SNP_IGA_38
SNP_IGA_1
SNP_IGA_2 SNP_IGA_25
SNP_IGA_5
SNP_IGA_7
SNP_IGA_9 SNP_IGA_38
SNP_IGA_11
SNP_IGA_14
SNP_IGA_16 SNP_IGA_9
SNP_IGA_19
SNP_IGA_22
SNP_IGA_25 SNP_IGA_22
SNP_IGA_27
SNP_IGA_30
SNP_IGA_33 SNP_IGA_36
SNP_IGA_36
SNP_IGA_38
SNP_IGA_1 SNP_IGA_7
SNP_IGA_2
SNP_IGA_5
SNP_IGA_7 SNP_IGA_19
SNP_IGA_9
SNP_IGA_11
SNP_IGA_14 SNP_IGA_33
SNP_IGA_16
SNP_IGA_19
SNP_IGA_22 SNP_IGA_5
SNP_IGA_25
SNP_IGA_27
SNP_IGA_30 SNP_IGA_16
SNP_IGA_33
SNP_IGA_36
SNP_IGA_38 SNP_IGA_30
SNP_IGA_1
SNP_IGA_2
SNP_IGA_5 SNP_IGA_2
SNP_IGA_7
SNP_IGA_9
SNP_IGA_11 SNP_IGA_14
SNP_IGA_14
SNP_IGA_16
SNP_IGA_19 SNP_IGA_27
SNP_IGA_22
SNP_IGA_25
SNP_IGA_27 SNP_IGA_1
SNP_IGA_30
SNP_IGA_33
SNP_IGA_36 SNP_IGA_11
SNP_IGA_38
SNP_IGA_1
SNP_IGA_2 SNP_IGA_25
SNP_IGA_5
SNP_IGA_7
SNP_IGA_9 SNP_IGA_38
SNP_IGA_11
SNP_IGA_14
SNP_IGA_16 SNP_IGA_9
SNP_IGA_19
SNP_IGA_22
SNP_IGA_25 SNP_IGA_22
SNP_IGA_27
SNP_IGA_30
SNP_IGA_33 SNP_IGA_36
SNP_IGA_36
SNP_IGA_38
SNP_IGA_1 SNP_IGA_7
SNP_IGA_2
SNP_IGA_5
SNP_IGA_7 SNP_IGA_19
SNP_IGA_9
SNP_IGA_11
SNP_IGA_14 SNP_IGA_33
SNP_IGA_16
SNP_IGA_19
SNP_IGA_22 SNP_IGA_5
SNP_IGA_25
SNP_IGA_27
SNP_IGA_30 SNP_IGA_16
SNP_IGA_33
SNP_IGA_36
SNP_IGA_38 SNP_IGA_30
SNP_IGA_1
SNP_IGA_2
SNP_IGA_5 SNP_IGA_2
SNP_IGA_7
SNP_IGA_9
SNP_IGA_11 SNP_IGA_14
SNP_IGA_14
SNP_IGA_16
SNP_IGA_19 SNP_IGA_27
SNP_IGA_22
SNP_IGA_25
SNP_IGA_27 SNP_IGA_1
SNP_IGA_30
SNP_IGA_33
SNP_IGA_36 SNP_IGA_11
SNP_IGA_38
SNP_IGA_1
SNP_IGA_2 SNP_IGA_25
SNP_IGA_5
SNP_IGA_7
SNP_IGA_9 SNP_IGA_38
SNP_IGA_11
0.0
0.9
1.8
2.7
3.6
4.5
5.4
6.3
7.2
8.1
9.0
9.9
10.8
11.7
12.6
13.5
14.4
15.3
16.2
17.1
18.0
18.9
19.8
20.7
21.6
22.5
23.4
24.3
25.2
26.1
27.0
27.9
28.8
29.7
30.6
31.5
32.4
33.3
34.2
35.1
36.0
36.9
37.8
38.7
39.6
40.5
41.4
42.3
43.2
44.1
45.0
45.9
46.8
47.7
48.6
49.5
50.4
51.3
52.2
53.1
54.0
54.9
55.8
56.7
57.6
58.5
59.4
60.3
61.2
62.1
63.0
63.9
64.8
65.7
67.0
LG8
SNP_IGA_1 SNP_IGA_7
SNP_IGA_2
SNP_IGA_5
SNP_IGA_7 SNP_IGA_19
SNP_IGA_9
SNP_IGA_11
SNP_IGA_14 SNP_IGA_33
SNP_IGA_16
SNP_IGA_19
SNP_IGA_22 SNP_IGA_5
SNP_IGA_25
SNP_IGA_27
SNP_IGA_30 SNP_IGA_16
SNP_IGA_33
SNP_IGA_36
SNP_IGA_38 SNP_IGA_30
SNP_IGA_1
SNP_IGA_2
SNP_IGA_5 SNP_IGA_2
SNP_IGA_7
SNP_IGA_9
SNP_IGA_11 SNP_IGA_14
SNP_IGA_14
SNP_IGA_16
SNP_IGA_19 SNP_IGA_27
SNP_IGA_22
SNP_IGA_25
SNP_IGA_27 SNP_IGA_1
SNP_IGA_30
SNP_IGA_33
SNP_IGA_36 SNP_IGA_11
SNP_IGA_38
SNP_IGA_1
SNP_IGA_2 SNP_IGA_25
SNP_IGA_5
SNP_IGA_7
SNP_IGA_9 SNP_IGA_38
SNP_IGA_11
SNP_IGA_14
SNP_IGA_16 SNP_IGA_9
SNP_IGA_19
SNP_IGA_22
SNP_IGA_25 SNP_IGA_22
SNP_IGA_27
SNP_IGA_30
SNP_IGA_33 SNP_IGA_36
SNP_IGA_36
SNP_IGA_38
SNP_IGA_1 SNP_IGA_7
SNP_IGA_2
SNP_IGA_5
SNP_IGA_7 SNP_IGA_19
SNP_IGA_9
SNP_IGA_11
SNP_IGA_14 SNP_IGA_33
SNP_IGA_16
SNP_IGA_19
SNP_IGA_22 SNP_IGA_5
SNP_IGA_25
SNP_IGA_27
SNP_IGA_30 SNP_IGA_16
SNP_IGA_33
SNP_IGA_36
SNP_IGA_38 SNP_IGA_30
SNP_IGA_1
SNP_IGA_2
SNP_IGA_5 SNP_IGA_2
SNP_IGA_7
SNP_IGA_9
SNP_IGA_11 SNP_IGA_14
SNP_IGA_14
SNP_IGA_16
SNP_IGA_19 SNP_IGA_27
SNP_IGA_22
SNP_IGA_25
SNP_IGA_27 SNP_IGA_1
SNP_IGA_30
SNP_IGA_33
SNP_IGA_36 SNP_IGA_11
SNP_IGA_38
SNP_IGA_1
SNP_IGA_2 SNP_IGA_25
SNP_IGA_5
SNP_IGA_7
SNP_IGA_9 SNP_IGA_38
SNP_IGA_11
SNP_IGA_14
SNP_IGA_16 SNP_IGA_9
SNP_IGA_19
SNP_IGA_22
SNP_IGA_25 SNP_IGA_22
SNP_IGA_27
SNP_IGA_30
SNP_IGA_33 SNP_IGA_36
SNP_IGA_36
SNP_IGA_38
SNP_IGA_1 SNP_IGA_7
SNP_IGA_2
SNP_IGA_5
SNP_IGA_7 SNP_IGA_19
SNP_IGA_9
SNP_IGA_11
SNP_IGA_14 SNP_IGA_33
SNP_IGA_16
SNP_IGA_19
SNP_IGA_22 SNP_IGA_5
SNP_IGA_25
SNP_IGA_27
SNP_IGA_30 SNP_IGA_16
SNP_IGA_33
SNP_IGA_36
SNP_IGA_38 SNP_IGA_30
SNP_IGA_1
SNP_IGA_2
SNP_IGA_5 SNP_IGA_2
SNP_IGA_7
SNP_IGA_9
SNP_IGA_11 SNP_IGA_14
SNP_IGA_14
SNP_IGA_16
SNP_IGA_19 SNP_IGA_27
SNP_IGA_22
SNP_IGA_25
SNP_IGA_27 SNP_IGA_1
SNP_IGA_30
SNP_IGA_33
SNP_IGA_36 SNP_IGA_11
SNP_IGA_38
SNP_IGA_1
SNP_IGA_2 SNP_IGA_25
SNP_IGA_5
SNP_IGA_7
SNP_IGA_9 SNP_IGA_38
SNP_IGA_11
SNP_IGA_14
SNP_IGA_16 SNP_IGA_9
SNP_IGA_19
SNP_IGA_22
SNP_IGA_25 SNP_IGA_22
SNP_IGA_27
SNP_IGA_30
SNP_IGA_33 SNP_IGA_36
SNP_IGA_36
SNP_IGA_38
SNP_IGA_1 SNP_IGA_7
SNP_IGA_2
SNP_IGA_5
SNP_IGA_7 SNP_IGA_19
SNP_IGA_9
SNP_IGA_11
SNP_IGA_14 SNP_IGA_33
SNP_IGA_16
SNP_IGA_19
SNP_IGA_22 SNP_IGA_5
SNP_IGA_25
SNP_IGA_27
SNP_IGA_30 SNP_IGA_16
SNP_IGA_33
SNP_IGA_36
SNP_IGA_38 SNP_IGA_30
SNP_IGA_1
SNP_IGA_2
SNP_IGA_5 SNP_IGA_2
SNP_IGA_7
SNP_IGA_9
SNP_IGA_11 SNP_IGA_14
SNP_IGA_14
SNP_IGA_16
SNP_IGA_19 SNP_IGA_27
SNP_IGA_22
SNP_IGA_25
SNP_IGA_27 SNP_IGA_1
SNP_IGA_30
SNP_IGA_33
SNP_IGA_36 SNP_IGA_11
SNP_IGA_38
SNP_IGA_1
SNP_IGA_2 SNP_IGA_25
SNP_IGA_5
SNP_IGA_7
SNP_IGA_9 SNP_IGA_38
SNP_IGA_11
SNP_IGA_14
SNP_IGA_16 SNP_IGA_9
SNP_IGA_19
SNP_IGA_22
SNP_IGA_25 SNP_IGA_22
SNP_IGA_27
SNP_IGA_30
SNP_IGA_33 SNP_IGA_36
SNP_IGA_36
SNP_IGA_38
SNP_IGA_1 SNP_IGA_7
SNP_IGA_2
SNP_IGA_5
SNP_IGA_7 SNP_IGA_19
SNP_IGA_9
SNP_IGA_11
SNP_IGA_14 SNP_IGA_33
SNP_IGA_16
SNP_IGA_19
SNP_IGA_22 SNP_IGA_5
SNP_IGA_25
SNP_IGA_27
SNP_IGA_30 SNP_IGA_16
SNP_IGA_33
SNP_IGA_36
SNP_IGA_38 SNP_IGA_30
SNP_IGA_1
SNP_IGA_2
SNP_IGA_5 SNP_IGA_2
SNP_IGA_7
SNP_IGA_9
SNP_IGA_11 SNP_IGA_14
SNP_IGA_14
SNP_IGA_16
SNP_IGA_19 SNP_IGA_27
SNP_IGA_22
SNP_IGA_25
SNP_IGA_27 SNP_IGA_1
0.0
0.9
1.8
2.7
3.6
4.5
5.4
6.3
7.2
8.1
9.0
9.9
10.8
11.7
12.6
13.5
14.4
15.3
16.2
17.1
18.0
18.9
19.8
20.7
21.6
22.5
23.4
24.3
25.2
26.1
27.0
27.9
28.8
29.7
30.6
31.5
32.4
33.3
34.2
35.1
36.0
36.9
37.8
38.7
39.6
40.5
41.4
42.3
43.2
44.1
45.0
45.9
46.8
47.7
48.6
49.5
50.4
51.3
52.2
53.1
54.0
54.9
55.8
56.7
57.6
58.5
59.4
60.3
61.2
62.1
63.0
63.9
64.8
65.7
66.6
67.5
68.4
69.2
